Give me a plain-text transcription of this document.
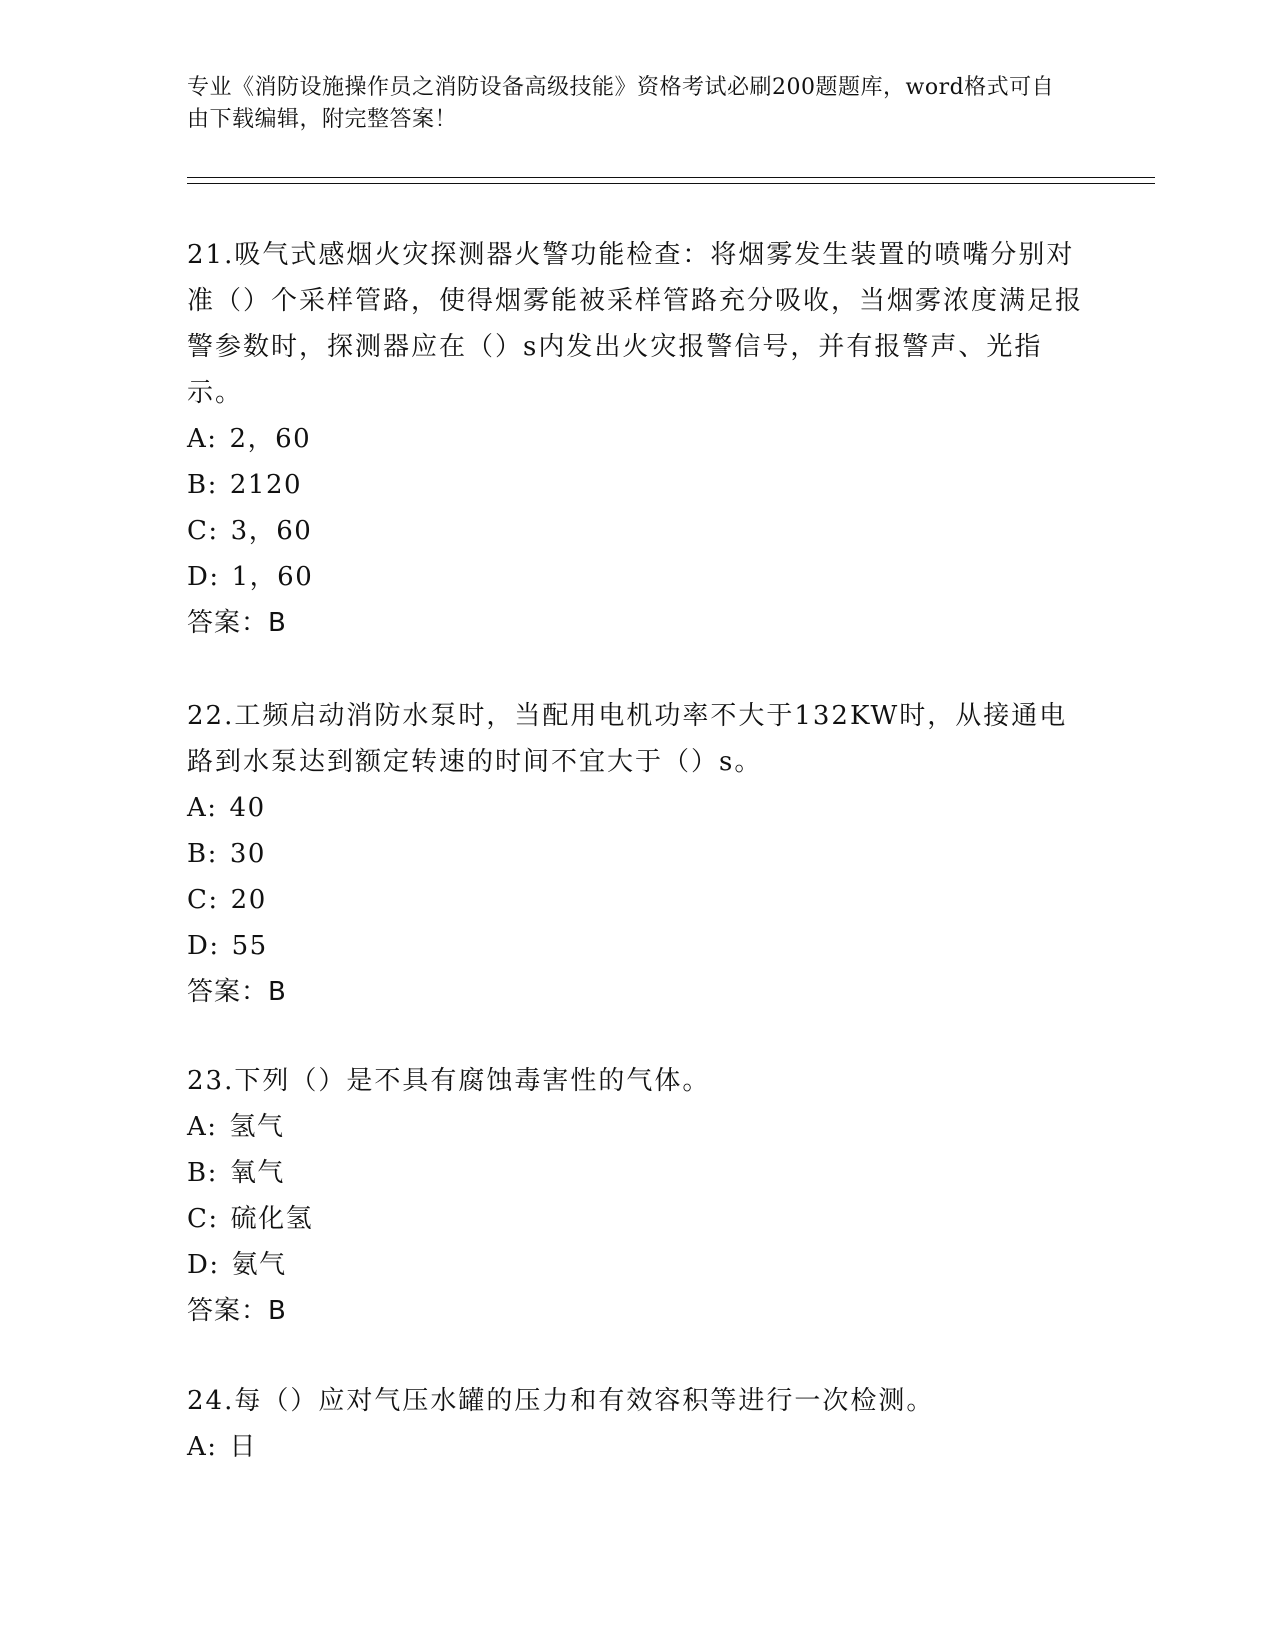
专业《消防设施操作员之消防设备高级技能》资格考试必刷200题题库，word格式可自由下载编辑，附完整答案！

21.吸气式感烟火灾探测器火警功能检查：将烟雾发生装置的喷嘴分别对准（）个采样管路，使得烟雾能被采样管路充分吸收，当烟雾浓度满足报警参数时，探测器应在（）s内发出火灾报警信号，并有报警声、光指示。

A : 2，60

B : 2120

C : 3，60

D : 1，60

答案：B

22.工频启动消防水泵时，当配用电机功率不大于132KW时，从接通电路到水泵达到额定转速的时间不宜大于（）s。

A : 40

B : 30

C : 20

D : 55

答案：B

23.下列（）是不具有腐蚀毒害性的气体。

A : 氢气

B : 氧气

C : 硫化氢

D : 氨气

答案：B

24.每（）应对气压水罐的压力和有效容积等进行一次检测。

A : 日
